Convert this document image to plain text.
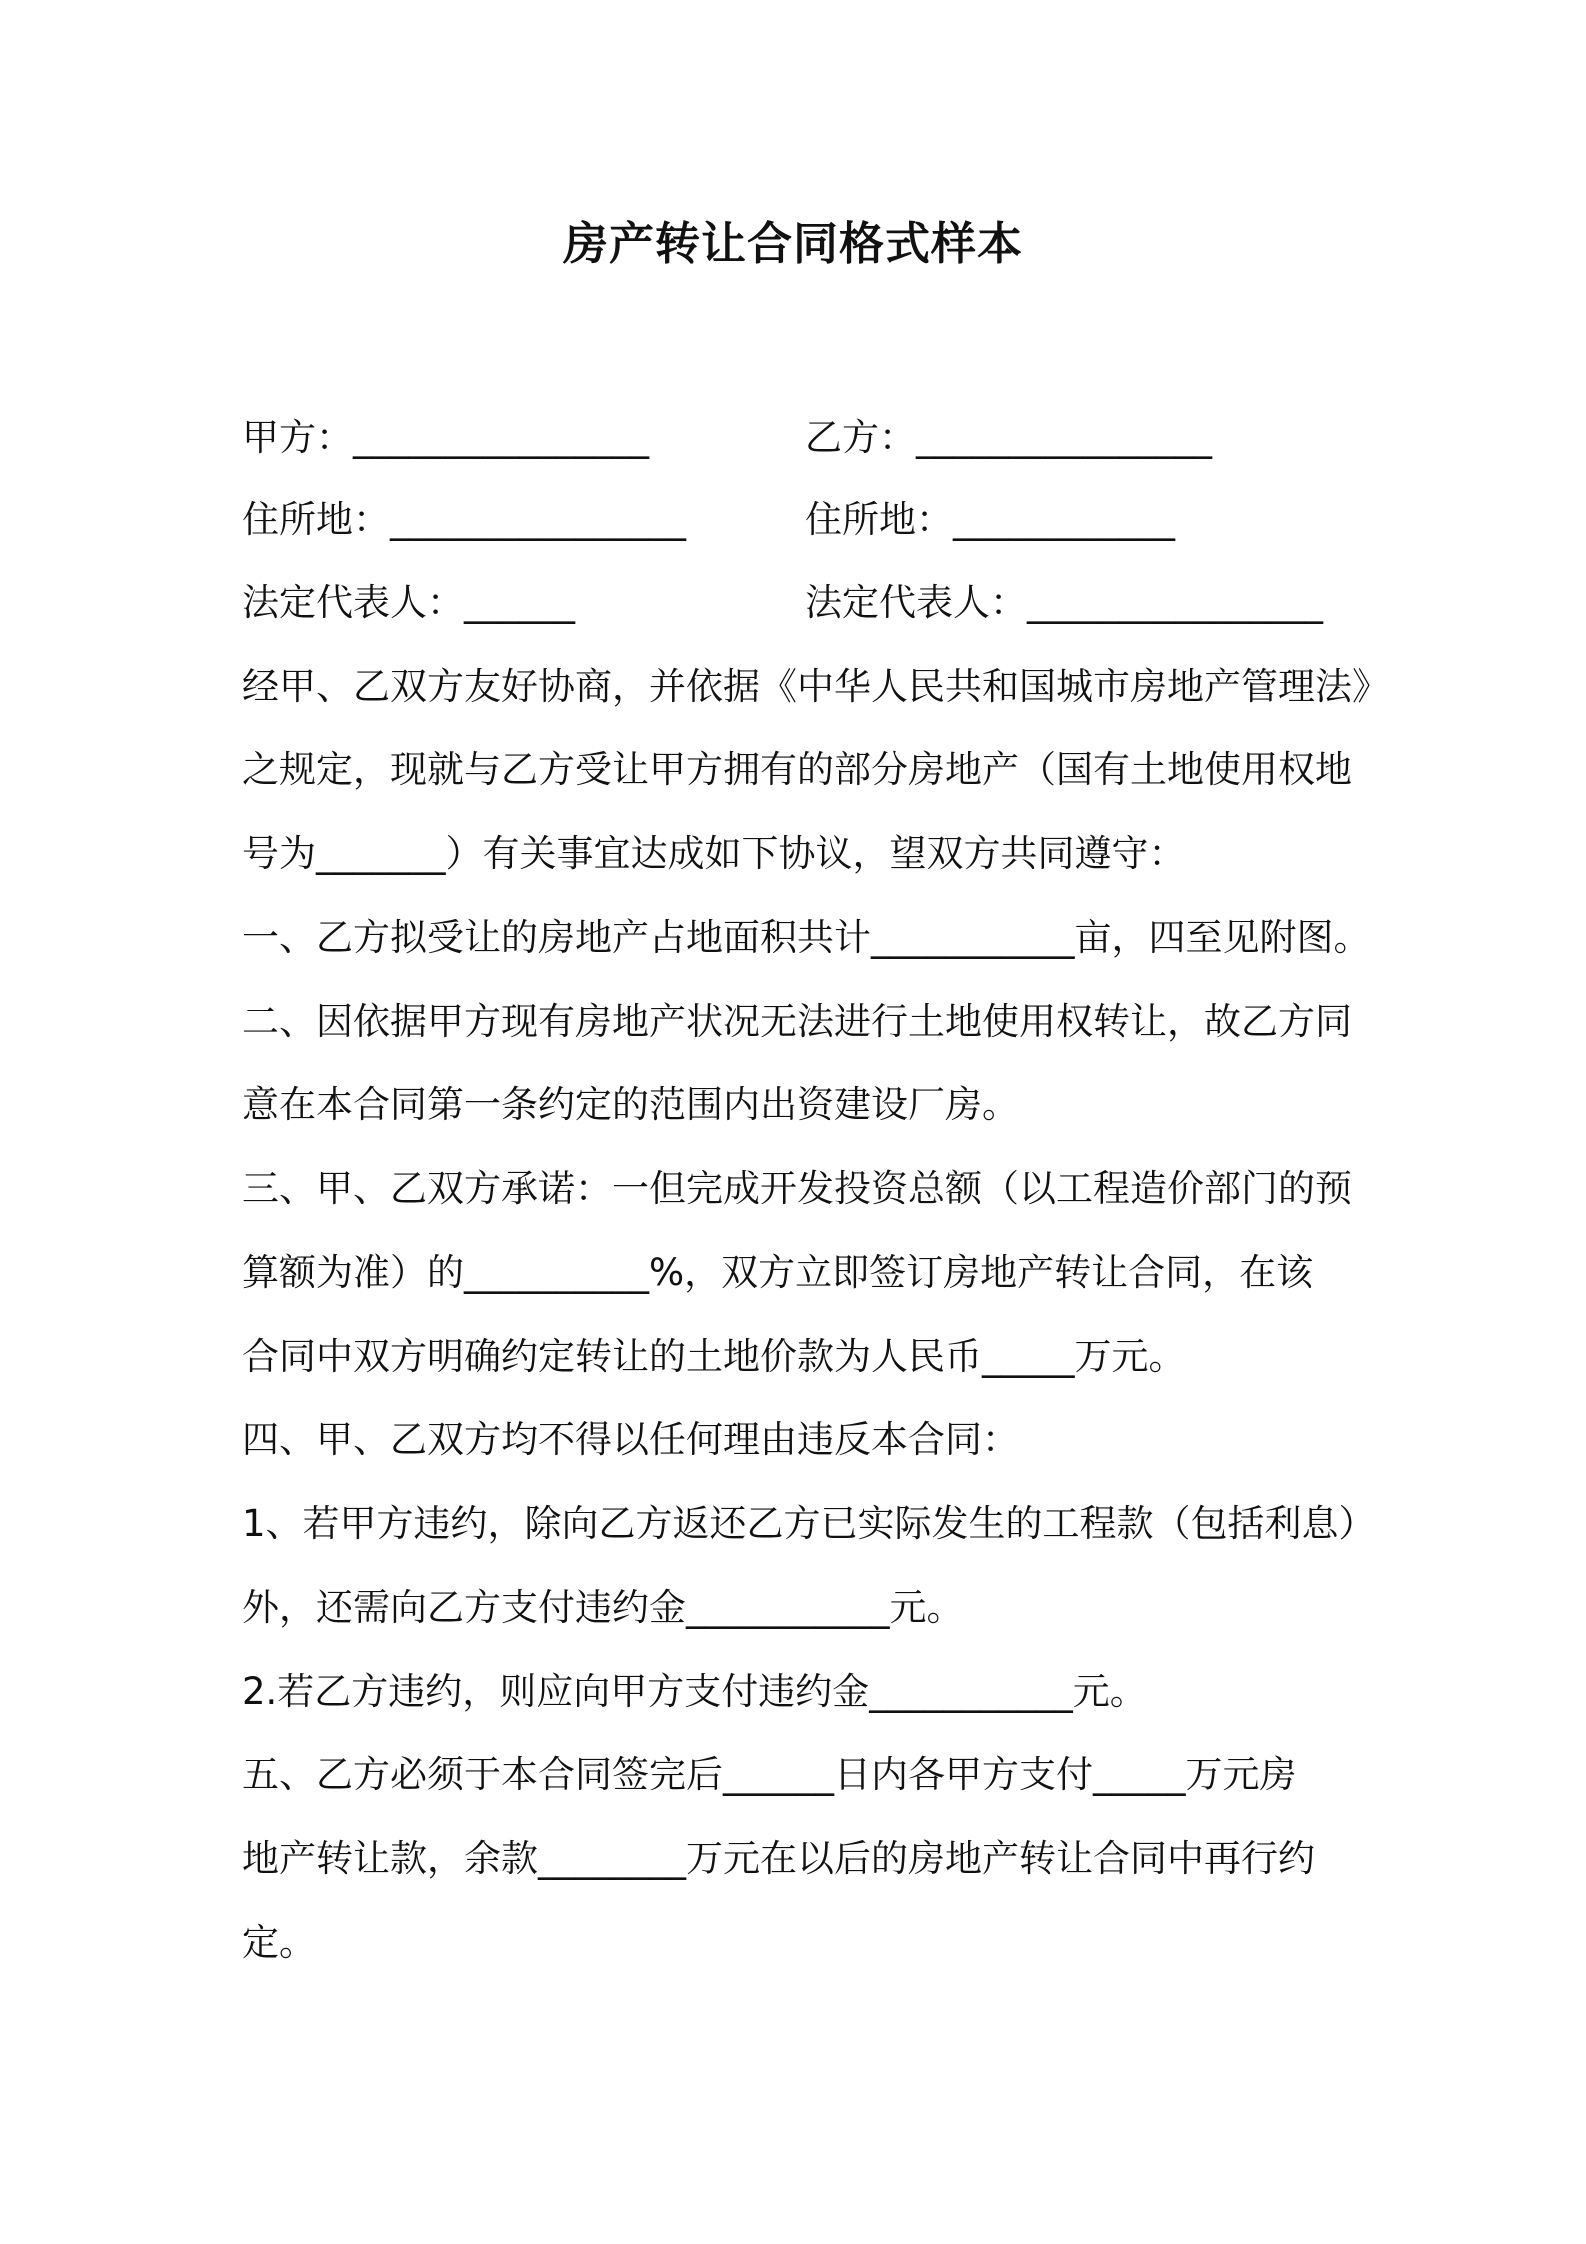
房产转让合同格式样本
甲方：________________	乙方：________________
住所地：________________	住所地：____________
法定代表人：______	法定代表人：________________
经甲、乙双方友好协商，并依据《中华人民共和国城市房地产管理法》
之规定，现就与乙方受让甲方拥有的部分房地产（国有土地使用权地
号为_______）有关事宜达成如下协议，望双方共同遵守：
一、乙方拟受让的房地产占地面积共计___________亩，四至见附图。
二、因依据甲方现有房地产状况无法进行土地使用权转让，故乙方同
意在本合同第一条约定的范围内出资建设厂房。
三、甲、乙双方承诺：一但完成开发投资总额（以工程造价部门的预
算额为准）的__________%，双方立即签订房地产转让合同，在该
合同中双方明确约定转让的土地价款为人民币_____万元。
四、甲、乙双方均不得以任何理由违反本合同：
1、若甲方违约，除向乙方返还乙方已实际发生的工程款（包括利息）
外，还需向乙方支付违约金___________元。
2.若乙方违约，则应向甲方支付违约金___________元。
五、乙方必须于本合同签完后______日内各甲方支付_____万元房
地产转让款，余款________万元在以后的房地产转让合同中再行约
定。
